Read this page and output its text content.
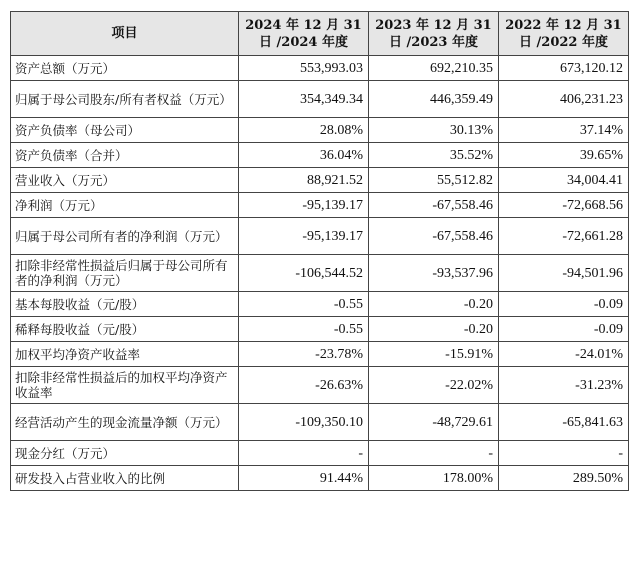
项目	2024 年 12 月 31 日 /2024 年度	2023 年 12 月 31 日 /2023 年度	2022 年 12 月 31 日 /2022 年度
资产总额（万元）	553,993.03	692,210.35	673,120.12
归属于母公司股东/所有者权益（万元）	354,349.34	446,359.49	406,231.23
资产负债率（母公司）	28.08%	30.13%	37.14%
资产负债率（合并）	36.04%	35.52%	39.65%
营业收入（万元）	88,921.52	55,512.82	34,004.41
净利润（万元）	-95,139.17	-67,558.46	-72,668.56
归属于母公司所有者的净利润（万元）	-95,139.17	-67,558.46	-72,661.28
扣除非经常性损益后归属于母公司所有者的净利润（万元）	-106,544.52	-93,537.96	-94,501.96
基本每股收益（元/股）	-0.55	-0.20	-0.09
稀释每股收益（元/股）	-0.55	-0.20	-0.09
加权平均净资产收益率	-23.78%	-15.91%	-24.01%
扣除非经常性损益后的加权平均净资产收益率	-26.63%	-22.02%	-31.23%
经营活动产生的现金流量净额（万元）	-109,350.10	-48,729.61	-65,841.63
现金分红（万元）	-	-	-
研发投入占营业收入的比例	91.44%	178.00%	289.50%
